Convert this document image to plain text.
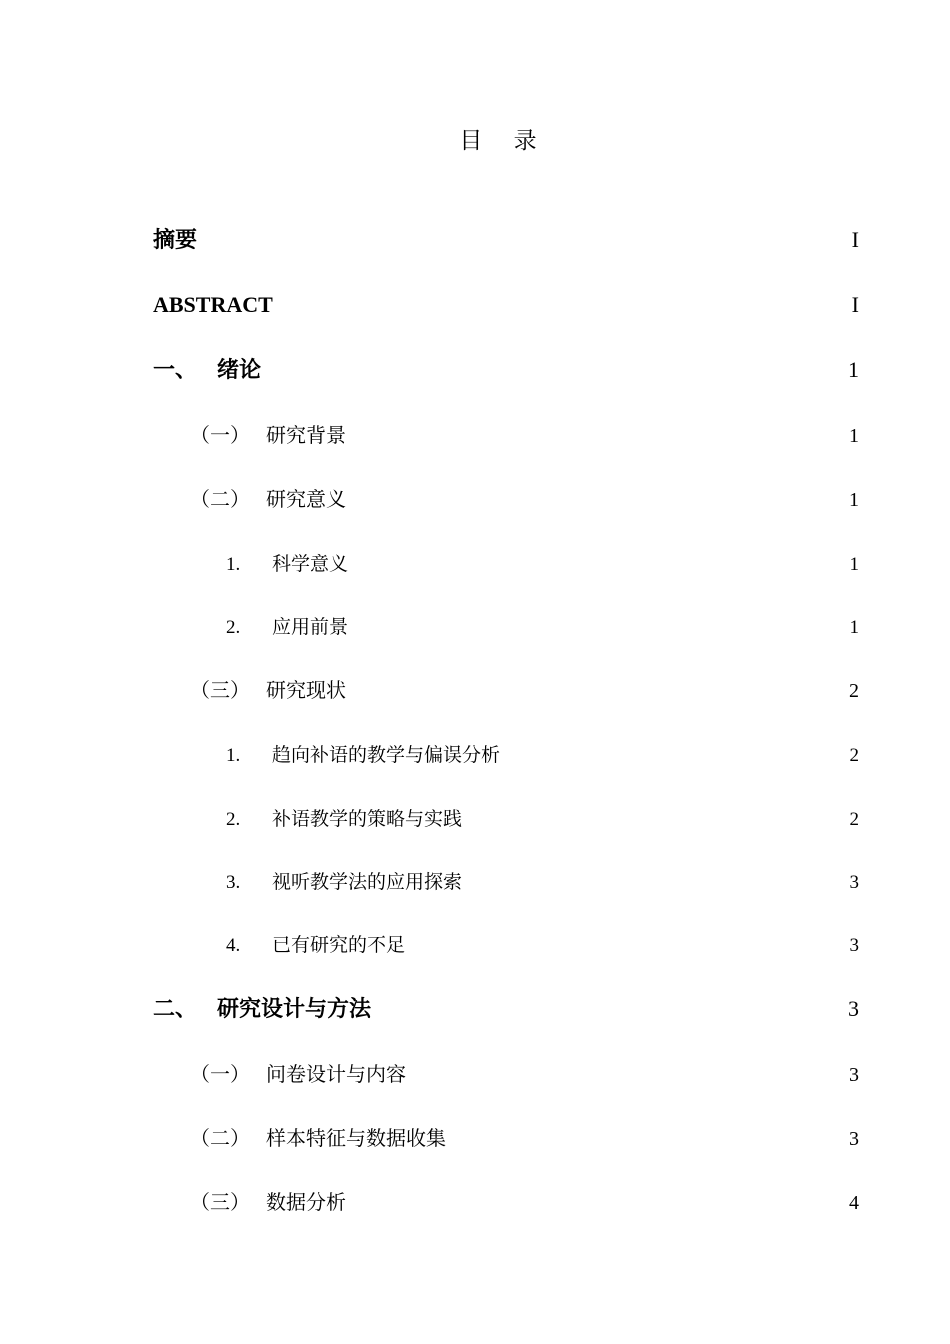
目 录
摘要 .....	I
ABSTRACT .....	I
一、 绪论 .....	1
（一） 研究背景 .....	1
（二） 研究意义 .....	1
1.	科学意义 .....	1
2.	应用前景 .....	1
（三） 研究现状 .....	2
1.	趋向补语的教学与偏误分析 .....	2
2.	补语教学的策略与实践 .....	2
3.	视听教学法的应用探索 .....	3
4.	已有研究的不足 .....	3
二、 研究设计与方法 .....	3
（一） 问卷设计与内容 .....	3
（二） 样本特征与数据收集 .....	3
（三） 数据分析 .....	4
